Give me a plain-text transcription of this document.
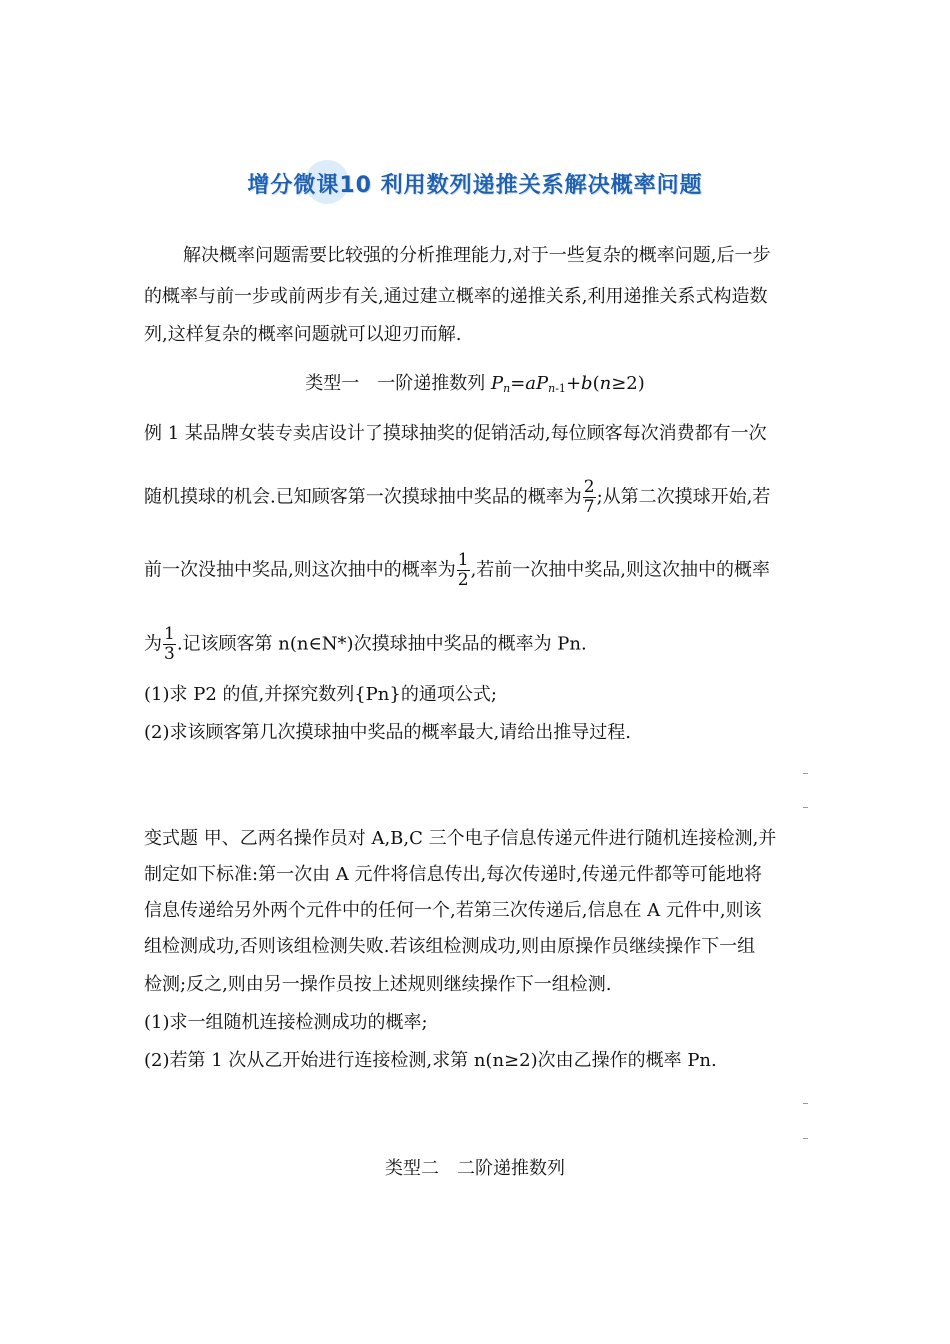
增分微课10 利用数列递推关系解决概率问题
解决概率问题需要比较强的分析推理能力,对于一些复杂的概率问题,后一步
的概率与前一步或前两步有关,通过建立概率的递推关系,利用递推关系式构造数
列,这样复杂的概率问题就可以迎刃而解.
类型一　一阶递推数列 $P_n=aP_{n-1}+b(n\ge 2)$
例 1 某品牌女装专卖店设计了摸球抽奖的促销活动,每位顾客每次消费都有一次
随机摸球的机会.已知顾客第一次摸球抽中奖品的概率为 $\frac{2}{7}$ ;从第二次摸球开始,若
前一次没抽中奖品,则这次抽中的概率为 $\frac{1}{2}$ ,若前一次抽中奖品,则这次抽中的概率
为 $\frac{1}{3}$ .记该顾客第 n(n∈N*)次摸球抽中奖品的概率为 Pn.
(1)求 P2 的值,并探究数列{Pn}的通项公式;
(2)求该顾客第几次摸球抽中奖品的概率最大,请给出推导过程.
变式题 甲、乙两名操作员对 A,B,C 三个电子信息传递元件进行随机连接检测,并
制定如下标准:第一次由 A 元件将信息传出,每次传递时,传递元件都等可能地将
信息传递给另外两个元件中的任何一个,若第三次传递后,信息在 A 元件中,则该
组检测成功,否则该组检测失败.若该组检测成功,则由原操作员继续操作下一组
检测;反之,则由另一操作员按上述规则继续操作下一组检测.
(1)求一组随机连接检测成功的概率;
(2)若第 1 次从乙开始进行连接检测,求第 n(n≥2)次由乙操作的概率 Pn.
类型二　二阶递推数列
